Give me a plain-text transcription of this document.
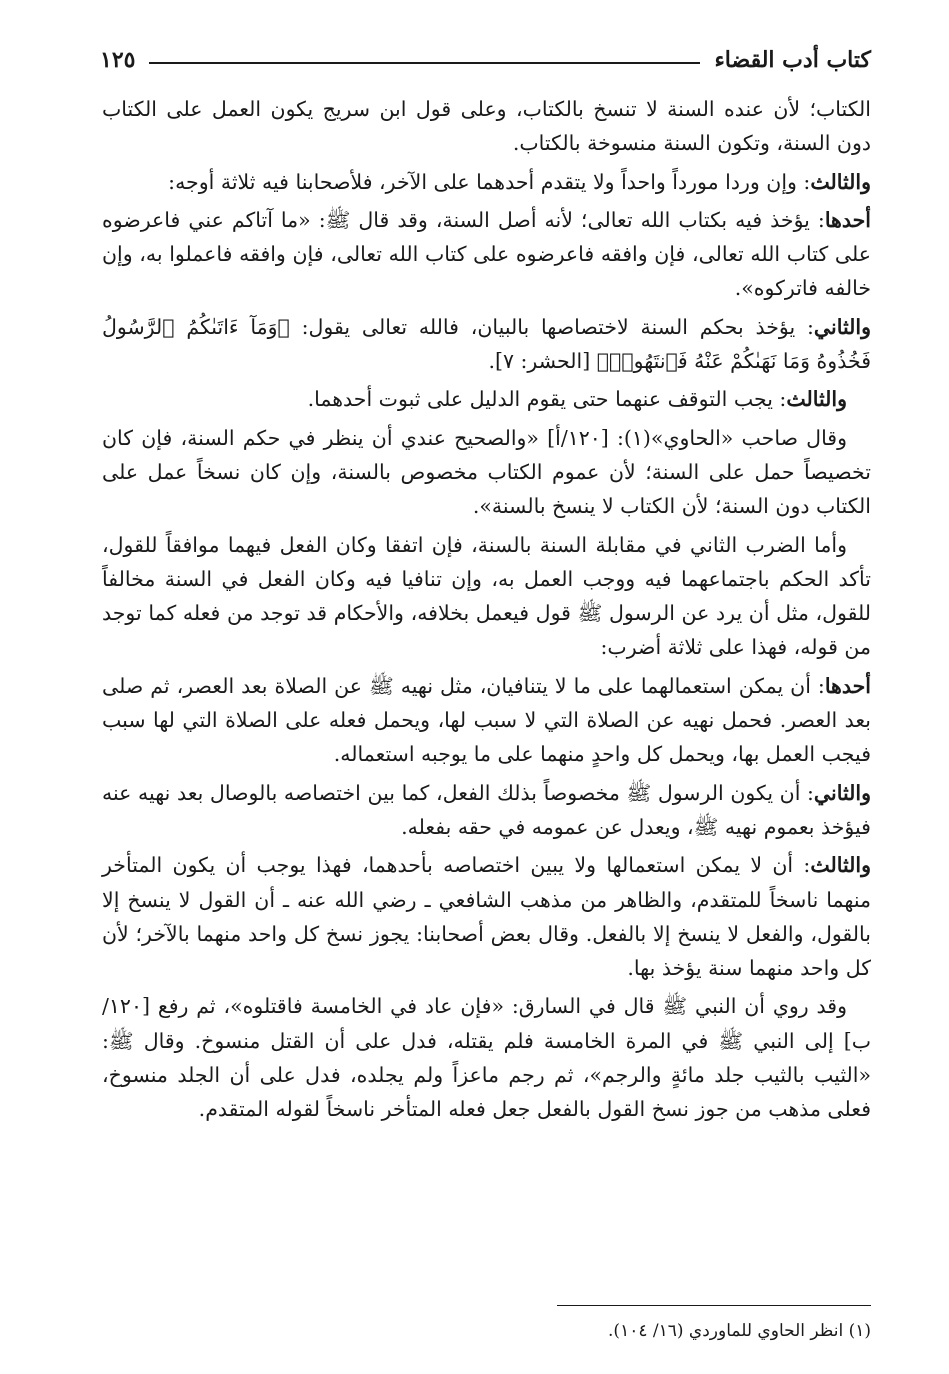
كتاب أدب القضاء
١٢٥

الكتاب؛ لأن عنده السنة لا تنسخ بالكتاب، وعلى قول ابن سريج يكون العمل على الكتاب دون السنة، وتكون السنة منسوخة بالكتاب.

والثالث: وإن وردا مورداً واحداً ولا يتقدم أحدهما على الآخر، فلأصحابنا فيه ثلاثة أوجه:

أحدها: يؤخذ فيه بكتاب الله تعالى؛ لأنه أصل السنة، وقد قال ﷺ: «ما آتاكم عني فاعرضوه على كتاب الله تعالى، فإن وافقه فاعرضوه على كتاب الله تعالى، فإن وافقه فاعملوا به، وإن خالفه فاتركوه».

والثاني: يؤخذ بحكم السنة لاختصاصها بالبيان، فالله تعالى يقول: ﴿وَمَآ ءَاتَىٰكُمُ ٱلرَّسُولُ فَخُذُوهُ وَمَا نَهَىٰكُمْ عَنْهُ فَٱنتَهُوا۟﴾ [الحشر: ٧].

والثالث: يجب التوقف عنهما حتى يقوم الدليل على ثبوت أحدهما.

وقال صاحب «الحاوي»(١): [١٢٠/أ] «والصحيح عندي أن ينظر في حكم السنة، فإن كان تخصيصاً حمل على السنة؛ لأن عموم الكتاب مخصوص بالسنة، وإن كان نسخاً عمل على الكتاب دون السنة؛ لأن الكتاب لا ينسخ بالسنة».

وأما الضرب الثاني في مقابلة السنة بالسنة، فإن اتفقا وكان الفعل فيهما موافقاً للقول، تأكد الحكم باجتماعهما فيه ووجب العمل به، وإن تنافيا فيه وكان الفعل في السنة مخالفاً للقول، مثل أن يرد عن الرسول ﷺ قول فيعمل بخلافه، والأحكام قد توجد من فعله كما توجد من قوله، فهذا على ثلاثة أضرب:

أحدها: أن يمكن استعمالهما على ما لا يتنافيان، مثل نهيه ﷺ عن الصلاة بعد العصر، ثم صلى بعد العصر. فحمل نهيه عن الصلاة التي لا سبب لها، ويحمل فعله على الصلاة التي لها سبب فيجب العمل بها، ويحمل كل واحدٍ منهما على ما يوجبه استعماله.

والثاني: أن يكون الرسول ﷺ مخصوصاً بذلك الفعل، كما بين اختصاصه بالوصال بعد نهيه عنه فيؤخذ بعموم نهيه ﷺ، ويعدل عن عمومه في حقه بفعله.

والثالث: أن لا يمكن استعمالها ولا يبين اختصاصه بأحدهما، فهذا يوجب أن يكون المتأخر منهما ناسخاً للمتقدم، والظاهر من مذهب الشافعي ـ رضي الله عنه ـ أن القول لا ينسخ إلا بالقول، والفعل لا ينسخ إلا بالفعل. وقال بعض أصحابنا: يجوز نسخ كل واحد منهما بالآخر؛ لأن كل واحد منهما سنة يؤخذ بها.

وقد روي أن النبي ﷺ قال في السارق: «فإن عاد في الخامسة فاقتلوه»، ثم رفع [١٢٠/ب] إلى النبي ﷺ في المرة الخامسة فلم يقتله، فدل على أن القتل منسوخ. وقال ﷺ: «الثيب بالثيب جلد مائةٍ والرجم»، ثم رجم ماعزاً ولم يجلده، فدل على أن الجلد منسوخ، فعلى مذهب من جوز نسخ القول بالفعل جعل فعله المتأخر ناسخاً لقوله المتقدم.

(١) انظر الحاوي للماوردي (١٦/ ١٠٤).
